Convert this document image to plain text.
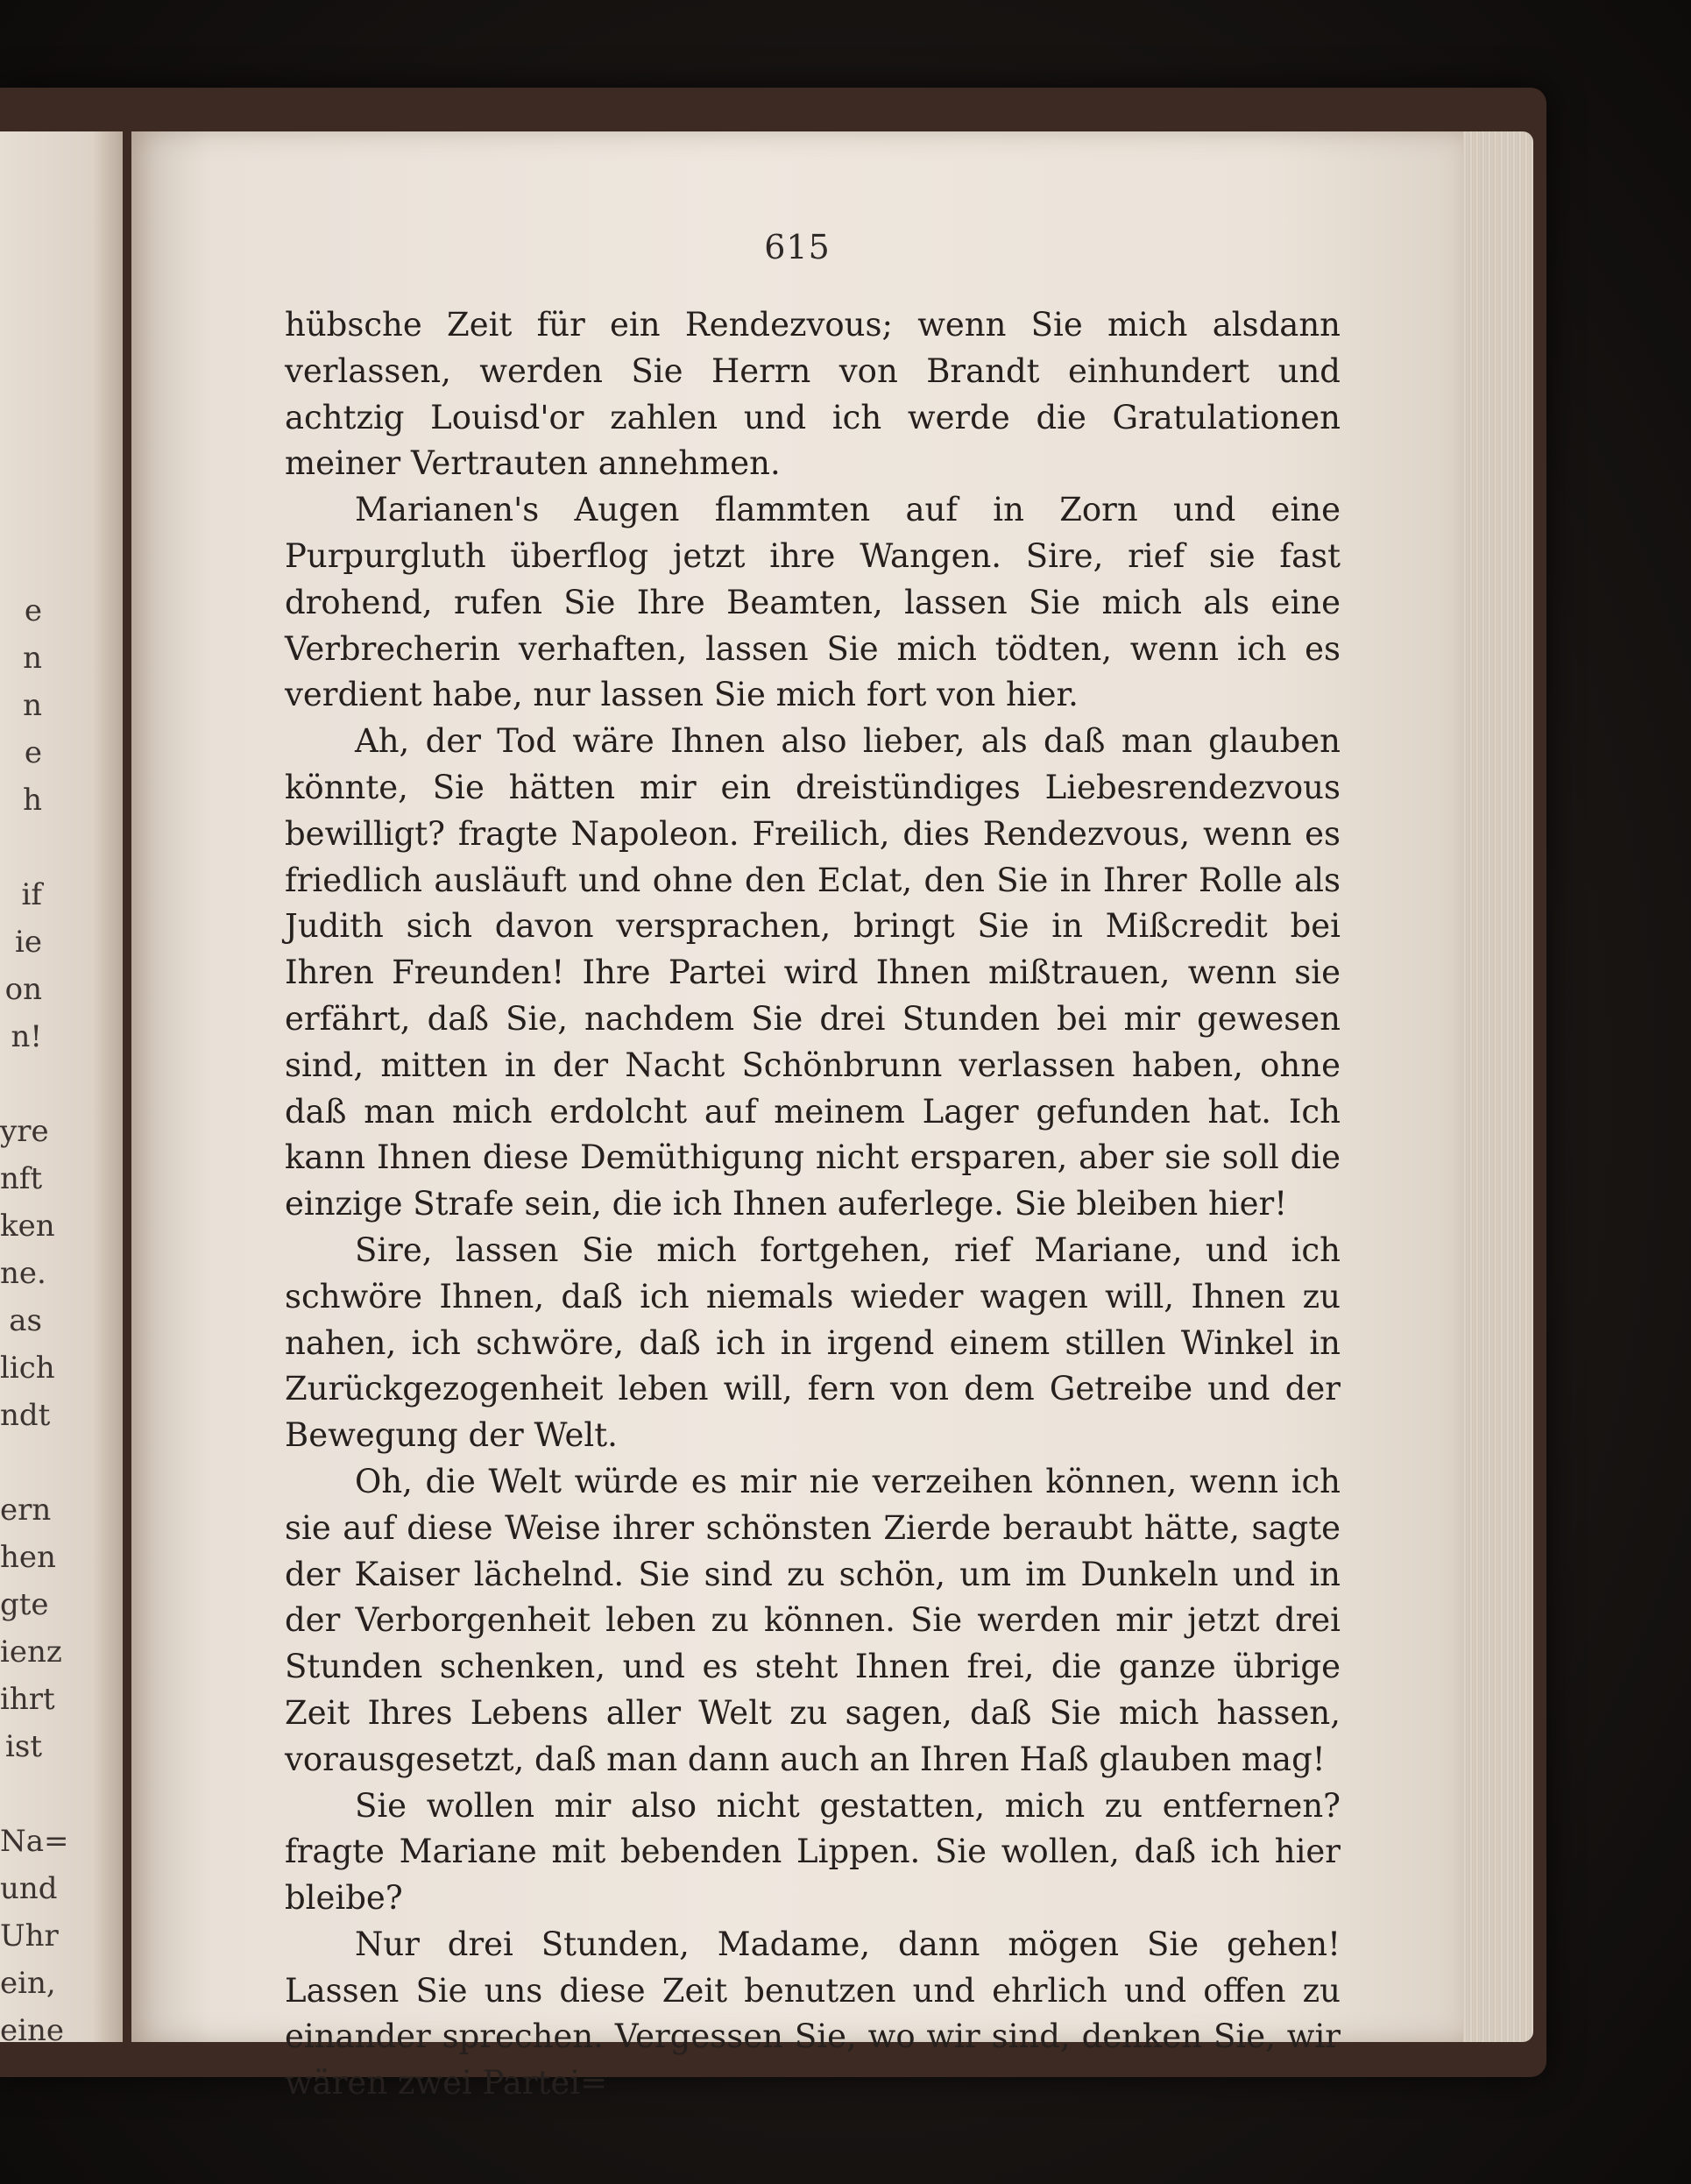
e
n
n
e
h
if
ie
on
n!
yre
nft
ken
ne.
as
lich
ndt
ern
hen
gte
ienz
ihrt
ist
Na=
und
Uhr
ein,
eine
615

hübsche Zeit für ein Rendezvous; wenn Sie mich alsdann verlassen, werden Sie Herrn von Brandt einhundert und achtzig Louisd'or zahlen und ich werde die Gratulationen meiner Vertrauten annehmen.

Marianen's Augen flammten auf in Zorn und eine Purpurgluth überflog jetzt ihre Wangen. Sire, rief sie fast drohend, rufen Sie Ihre Beamten, lassen Sie mich als eine Verbrecherin verhaften, lassen Sie mich tödten, wenn ich es verdient habe, nur lassen Sie mich fort von hier.

Ah, der Tod wäre Ihnen also lieber, als daß man glauben könnte, Sie hätten mir ein dreistündiges Liebesrendezvous bewilligt? fragte Napoleon. Freilich, dies Rendezvous, wenn es friedlich ausläuft und ohne den Eclat, den Sie in Ihrer Rolle als Judith sich davon versprachen, bringt Sie in Mißcredit bei Ihren Freunden! Ihre Partei wird Ihnen mißtrauen, wenn sie erfährt, daß Sie, nachdem Sie drei Stunden bei mir gewesen sind, mitten in der Nacht Schönbrunn verlassen haben, ohne daß man mich erdolcht auf meinem Lager gefunden hat. Ich kann Ihnen diese Demüthigung nicht ersparen, aber sie soll die einzige Strafe sein, die ich Ihnen auferlege. Sie bleiben hier!

Sire, lassen Sie mich fortgehen, rief Mariane, und ich schwöre Ihnen, daß ich niemals wieder wagen will, Ihnen zu nahen, ich schwöre, daß ich in irgend einem stillen Winkel in Zurückgezogenheit leben will, fern von dem Getreibe und der Bewegung der Welt.

Oh, die Welt würde es mir nie verzeihen können, wenn ich sie auf diese Weise ihrer schönsten Zierde beraubt hätte, sagte der Kaiser lächelnd. Sie sind zu schön, um im Dunkeln und in der Verborgenheit leben zu können. Sie werden mir jetzt drei Stunden schenken, und es steht Ihnen frei, die ganze übrige Zeit Ihres Lebens aller Welt zu sagen, daß Sie mich hassen, vorausgesetzt, daß man dann auch an Ihren Haß glauben mag!

Sie wollen mir also nicht gestatten, mich zu entfernen? fragte Mariane mit bebenden Lippen. Sie wollen, daß ich hier bleibe?

Nur drei Stunden, Madame, dann mögen Sie gehen! Lassen Sie uns diese Zeit benutzen und ehrlich und offen zu einander sprechen. Vergessen Sie, wo wir sind, denken Sie, wir wären zwei Partei=
